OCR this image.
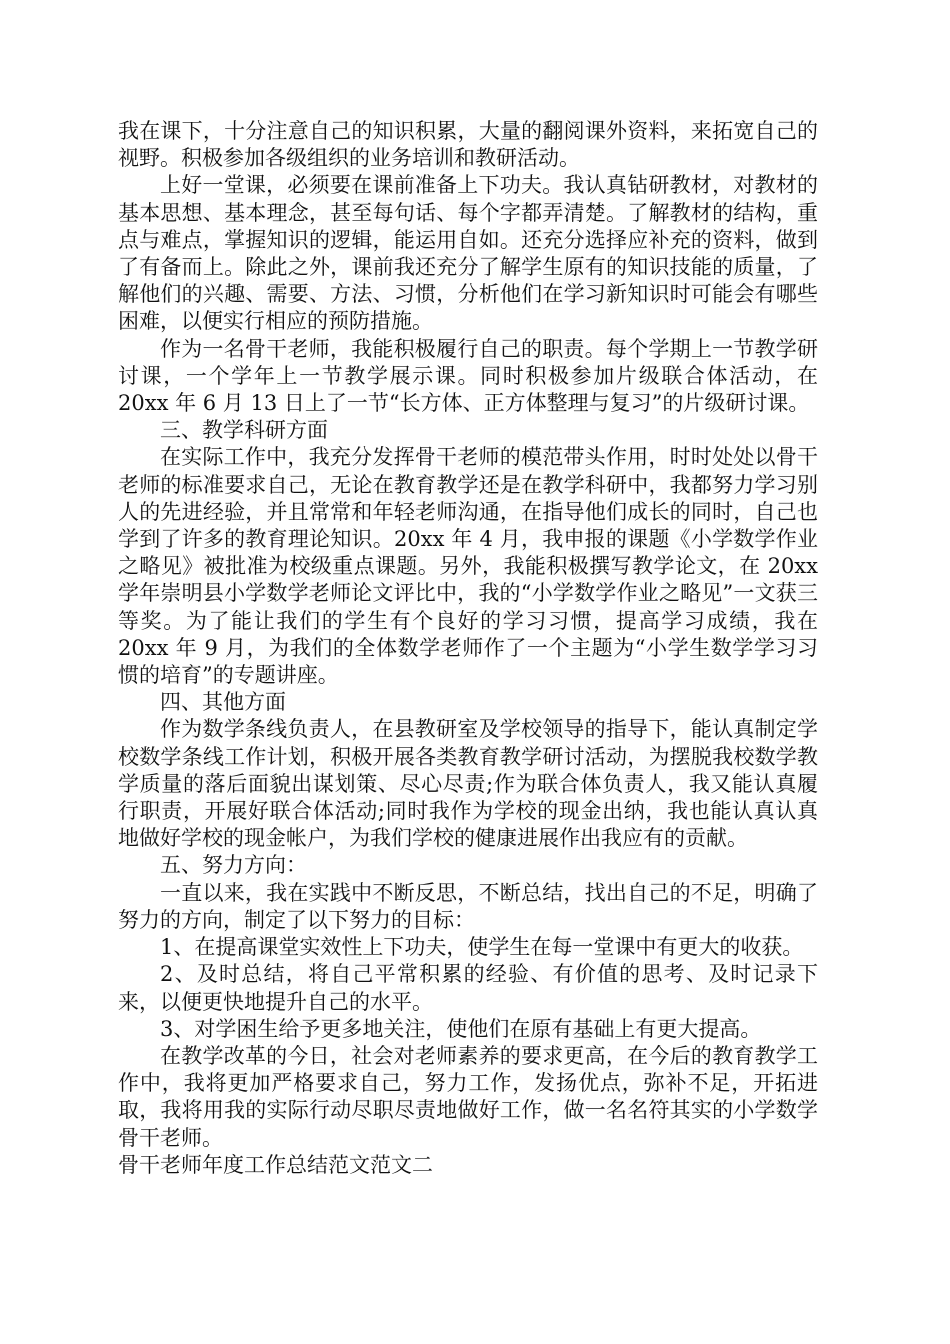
我在课下，十分注意自己的知识积累，大量的翻阅课外资料，来拓宽自己的视野。积极参加各级组织的业务培训和教研活动。

上好一堂课，必须要在课前准备上下功夫。我认真钻研教材，对教材的基本思想、基本理念，甚至每句话、每个字都弄清楚。了解教材的结构，重点与难点，掌握知识的逻辑，能运用自如。还充分选择应补充的资料，做到了有备而上。除此之外，课前我还充分了解学生原有的知识技能的质量，了解他们的兴趣、需要、方法、习惯，分析他们在学习新知识时可能会有哪些困难，以便实行相应的预防措施。

作为一名骨干老师，我能积极履行自己的职责。每个学期上一节教学研讨课，一个学年上一节教学展示课。同时积极参加片级联合体活动，在 20xx 年 6 月 13 日上了一节“长方体、正方体整理与复习”的片级研讨课。

三、教学科研方面

在实际工作中，我充分发挥骨干老师的模范带头作用，时时处处以骨干老师的标准要求自己，无论在教育教学还是在教学科研中，我都努力学习别人的先进经验，并且常常和年轻老师沟通，在指导他们成长的同时，自己也学到了许多的教育理论知识。20xx 年 4 月，我申报的课题《小学数学作业之略见》被批准为校级重点课题。另外，我能积极撰写教学论文，在 20xx 学年崇明县小学数学老师论文评比中，我的“小学数学作业之略见”一文获三等奖。为了能让我们的学生有个良好的学习习惯，提高学习成绩，我在 20xx 年 9 月，为我们的全体数学老师作了一个主题为“小学生数学学习习惯的培育”的专题讲座。

四、其他方面

作为数学条线负责人，在县教研室及学校领导的指导下，能认真制定学校数学条线工作计划，积极开展各类教育教学研讨活动，为摆脱我校数学教学质量的落后面貌出谋划策、尽心尽责;作为联合体负责人，我又能认真履行职责，开展好联合体活动;同时我作为学校的现金出纳，我也能认真认真地做好学校的现金帐户，为我们学校的健康进展作出我应有的贡献。

五、努力方向：

一直以来，我在实践中不断反思，不断总结，找出自己的不足，明确了努力的方向，制定了以下努力的目标：

1、在提高课堂实效性上下功夫，使学生在每一堂课中有更大的收获。

2、及时总结，将自己平常积累的经验、有价值的思考、及时记录下来，以便更快地提升自己的水平。

3、对学困生给予更多地关注，使他们在原有基础上有更大提高。

在教学改革的今日，社会对老师素养的要求更高，在今后的教育教学工作中，我将更加严格要求自己，努力工作，发扬优点，弥补不足，开拓进取，我将用我的实际行动尽职尽责地做好工作，做一名名符其实的小学数学骨干老师。

骨干老师年度工作总结范文范文二
